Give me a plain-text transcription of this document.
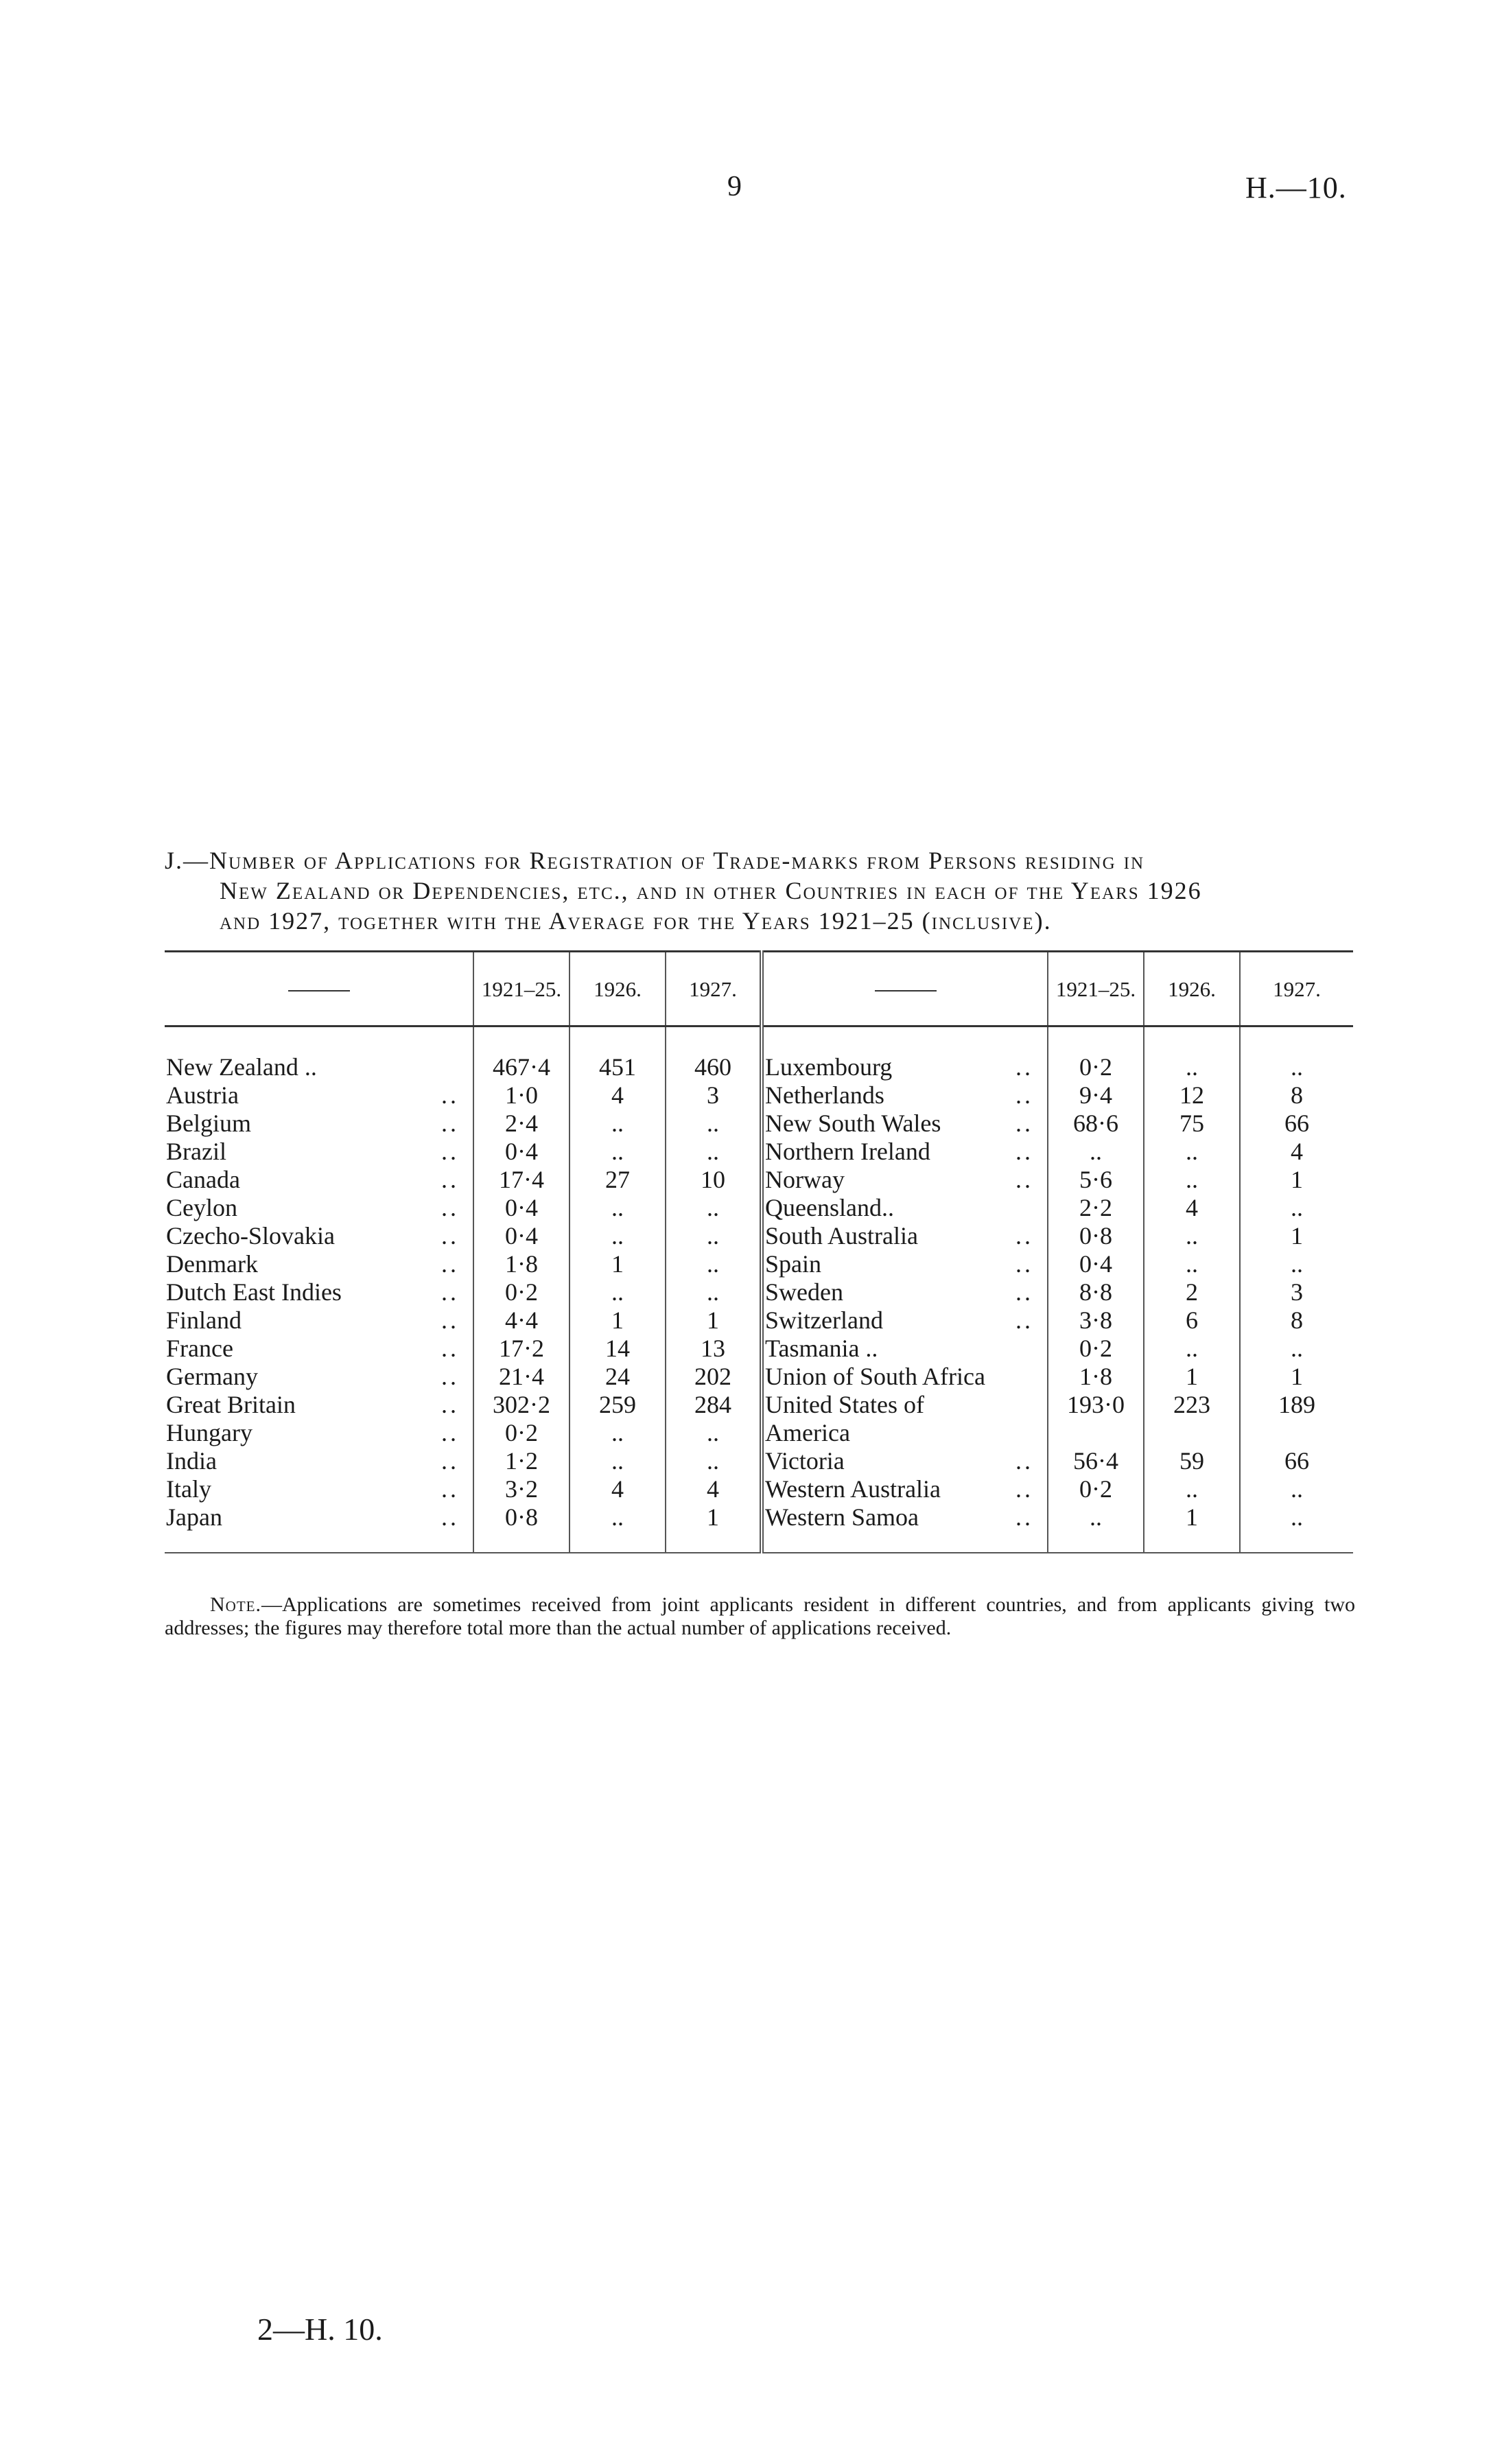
9	H.—10.
J.—Number of Applications for Registration of Trade-marks from Persons residing in
New Zealand or Dependencies, etc., and in other Countries in each of the Years 1926
and 1927, together with the Average for the Years 1921–25 (inclusive).
		1921–25.	1926.	1927.			1921–25.	1926.	1927.
New Zealand ..		467·4	451	460	Luxembourg	..	0·2	..	..
Austria	..	1·0	4	3	Netherlands	..	9·4	12	8
Belgium	..	2·4	..	..	New South Wales	..	68·6	75	66
Brazil	..	0·4	..	..	Northern Ireland	..	..	..	4
Canada	..	17·4	27	10	Norway	..	5·6	..	1
Ceylon	..	0·4	..	..	Queensland..		2·2	4	..
Czecho-Slovakia	..	0·4	..	..	South Australia	..	0·8	..	1
Denmark	..	1·8	1	..	Spain	..	0·4	..	..
Dutch East Indies	..	0·2	..	..	Sweden	..	8·8	2	3
Finland	..	4·4	1	1	Switzerland	..	3·8	6	8
France	..	17·2	14	13	Tasmania ..		0·2	..	..
Germany	..	21·4	24	202	Union of South Africa		1·8	1	1
Great Britain	..	302·2	259	284	United States of		193·0	223	189
Hungary	..	0·2	..	..	America				
India	..	1·2	..	..	Victoria	..	56·4	59	66
Italy	..	3·2	4	4	Western Australia	..	0·2	..	..
Japan	..	0·8	..	1	Western Samoa	..	..	1	..
Note.—Applications are sometimes received from joint applicants resident in different countries, and from applicants giving two addresses; the figures may therefore total more than the actual number of applications received.
2—H. 10.
